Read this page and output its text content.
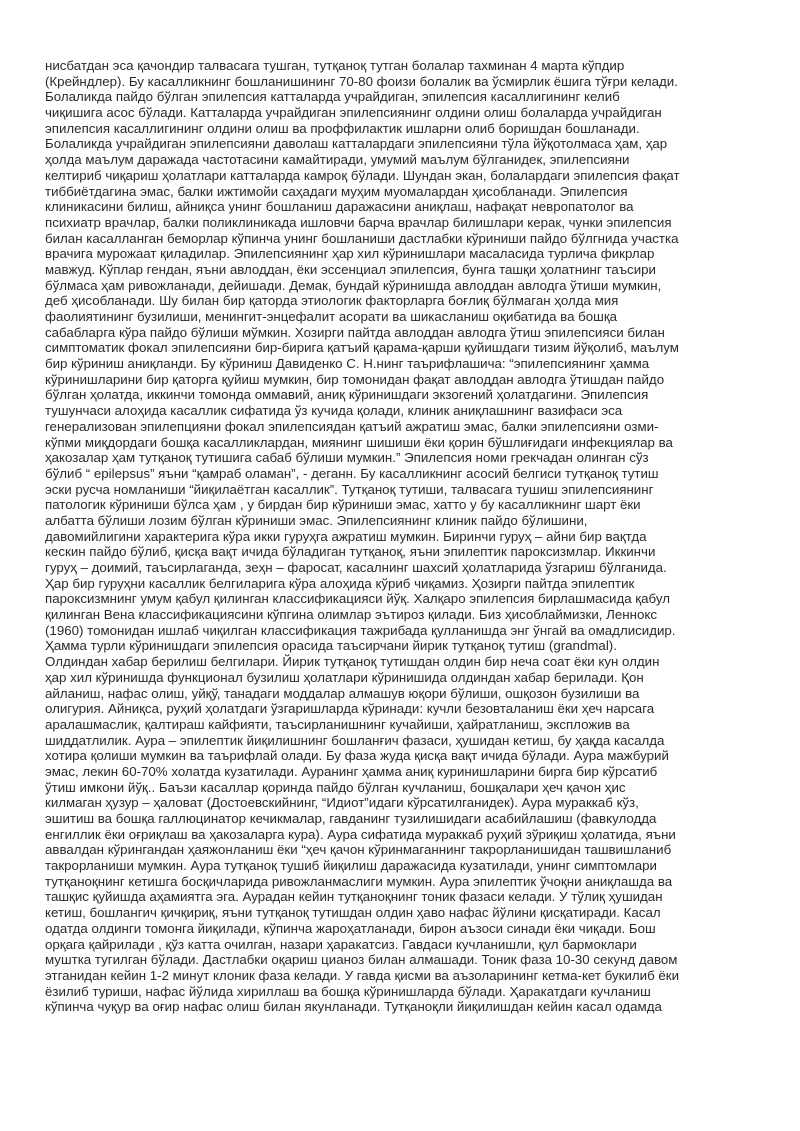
нисбатдан эса қачондир талвасага тушган, тутқаноқ тутган болалар тахминан 4 марта кўпдир
(Крейндлер). Бу касалликнинг бошланишининг 70-80 фоизи болалик ва ўсмирлик ёшига тўғри келади.
Болаликда пайдо бўлган эпилепсия катталарда учрайдиган, эпилепсия касаллигининг келиб
чиқишига асос бўлади. Катталарда учрайдиган эпилепсиянинг олдини олиш болаларда учрайдиган
эпилепсия касаллигининг олдини олиш ва проффилактик ишларни олиб боришдан бошланади.
Болаликда учрайдиган эпилепсияни даволаш катталардаги эпилепсияни тўла йўқотолмаса ҳам, ҳар
ҳолда маълум даражада частотасини камайтиради, умумий маълум бўлганидек, эпилепсияни
келтириб чиқариш ҳолатлари катталарда камроқ бўлади. Шундан экан, болалардаги эпилепсия фақат
тиббиётдагина эмас, балки ижтимойи саҳадаги муҳим муомалардан ҳисобланади. Эпилепсия
клиникасини билиш, айниқса унинг бошланиш даражасини аниқлаш, нафақат невропатолог ва
психиатр врачлар, балки поликлиникада ишловчи барча врачлар билишлари керак, чунки эпилепсия
билан касалланган беморлар кўпинча унинг бошланиши дастлабки кўриниши пайдо бўлгнида участка
врачига мурожаат қиладилар. Эпилепсиянинг ҳар хил кўринишлари масаласида турлича фикрлар
мавжуд. Кўплар гендан, яъни авлоддан, ёки эссенциал эпилепсия, бунга ташқи ҳолатнинг таъсири
бўлмаса ҳам ривожланади, дейишади. Демак, бундай кўринишда авлоддан авлодга ўтиши мумкин,
деб ҳисобланади. Шу билан бир қаторда этиологик факторларга боғлиқ бўлмаган ҳолда мия
фаолиятининг бузилиши, менингит-энцефалит асорати ва шикасланиш оқибатида ва бошқа
сабабларга кўра пайдо бўлиши мўмкин. Хозирги пайтда авлоддан авлодга ўтиш эпилепсияси билан
симптоматик фокал эпилепсияни бир-бирига қатъий қарама-қарши қуйишдаги тизим йўқолиб, маълум
бир кўриниш аниқланди. Бу кўриниш Давиденко С. Н.нинг таърифлашича: “эпилепсиянинг ҳамма
кўринишларини бир қаторга қуйиш мумкин, бир томонидан фақат авлоддан авлодга ўтишдан пайдо
бўлган ҳолатда, иккинчи томонда оммавий, аниқ кўринишдаги экзогений ҳолатдагини. Эпилепсия
тушунчаси алоҳида касаллик сифатида ўз кучида қолади, клиник аниқлашнинг вазифаси эса
генерализован эпилепцияни фокал эпилепсиядан қатъий ажратиш эмас, балки эпилепсияни озми-
кўпми миқдордаги бошқа касалликлардан, миянинг шишиши ёки қорин бўшлиғидаги инфекциялар ва
ҳакозалар ҳам тутқаноқ тутишига сабаб бўлиши мумкин.” Эпилепсия номи грекчадан олинган сўз
бўлиб “ epilepsus” яъни “қамраб оламан”, - деганн. Бу касалликнинг асосий белгиси тутқаноқ тутиш
эски русча номланиши “йиқилаётган касаллик”. Тутқаноқ тутиши, талвасага тушиш эпилепсиянинг
патологик кўриниши бўлса ҳам , у бирдан бир кўриниши эмас, хатто у бу касалликнинг шарт ёки
албатта бўлиши лозим бўлган кўриниши эмас. Эпилепсиянинг клиник пайдо бўлишини,
давомийлигини характерига кўра икки гуруҳга ажратиш мумкин. Биринчи гуруҳ – айни бир вақтда
кескин пайдо бўлиб, қисқа вақт ичида бўладиган тутқаноқ, яъни эпилептик пароксизмлар. Иккинчи
гуруҳ – доимий, таъсирлаганда, зеҳн – фаросат, касалнинг шахсий ҳолатларида ўзгариш бўлганида.
Ҳар бир гуруҳни касаллик белгиларига кўра алоҳида кўриб чиқамиз. Ҳозирги пайтда эпилептик
пароксизмнинг умум қабул қилинган классификацияси йўқ. Халқаро эпилепсия бирлашмасида қабул
қилинган Вена классификациясини кўпгина олимлар эътироз қилади. Биз ҳисоблаймизки, Леннокс
(1960) томонидан ишлаб чиқилган классификация тажрибада қулланишда энг ўнгай ва омадлисидир.
Ҳамма турли кўринишдаги эпилепсия орасида таъсирчани йирик тутқаноқ тутиш (grandmal).
Олдиндан хабар берилиш белгилари. Йирик тутқаноқ тутишдан олдин бир неча соат ёки кун олдин
ҳар хил кўринишда функционал бузилиш ҳолатлари кўринишида олдиндан хабар берилади. Қон
айланиш, нафас олиш, уйқў, танадаги моддалар алмашув юқори бўлиши, ошқозон бузилиши ва
олигурия. Айниқса, руҳий ҳолатдаги ўзгаришларда кўринади: кучли безовталаниш ёки ҳеч нарсага
аралашмаслик, қалтираш кайфияти, таъсирланишнинг кучайиши, ҳайратланиш, экспложив ва
шиддатлилик. Аура – эпилептик йиқилишнинг бошланғич фазаси, ҳушидан кетиш, бу ҳақда касалда
хотира қолиши мумкин ва таърифлай олади. Бу фаза жуда қисқа вақт ичида бўлади. Аура мажбурий
эмас, лекин 60-70% холатда кузатилади. Ауранинг ҳамма аниқ куринишларини бирга бир кўрсатиб
ўтиш имкони йўқ.. Баъзи касаллар қоринда пайдо бўлган кучланиш, бошқалари ҳеч қачон ҳис
килмаган ҳузур – ҳаловат (Достоевскийнинг, “Идиот”идаги кўрсатилганидек). Аура мураккаб кўз,
эшитиш ва бошқа галлюцинатор кечикмалар, гавданинг тузилишидаги асабийлашиш (фавкулодда
енгиллик ёки оғриқлаш ва ҳакозаларга кура). Аура сифатида мураккаб руҳий зўриқиш ҳолатида, яъни
аввалдан кўрингандан ҳаяжонланиш ёки “ҳеч қачон кўринмаганнинг такрорланишидан ташвишланиб
такрорланиши мумкин. Аура тутқаноқ тушиб йиқилиш даражасида кузатилади, унинг симптомлари
тутқаноқнинг кетишга босқичларида ривожланмаслиги мумкин. Аура эпилептик ўчоқни аниқлашда ва
ташқис қуйишда аҳамиятга эга. Аурадан кейин тутқаноқнинг тоник фазаси келади. У тўлиқ ҳушидан
кетиш, бошлангич қичқириқ, яъни тутқаноқ тутишдан олдин ҳаво нафас йўлини қисқатиради. Касал
одатда олдинги томонга йиқилади, кўпинча жароҳатланади, бирон аъзоси синади ёки чиқади. Бош
орқага қайрилади , қўз катта очилган, назари ҳаракатсиз. Гавдаси кучланишли, қул бармоклари
муштка тугилган бўлади. Дастлабки оқариш цианоз билан алмашади. Тоник фаза 10-30 секунд давом
этганидан кейин 1-2 минут клоник фаза келади. У гавда қисми ва аъзоларининг кетма-кет букилиб ёки
ёзилиб туриши, нафас йўлида хириллаш ва бошқа кўринишларда бўлади. Ҳаракатдаги кучланиш
кўпинча чуқур ва оғир нафас олиш билан якунланади. Тутқаноқли йиқилишдан кейин касал одамда
